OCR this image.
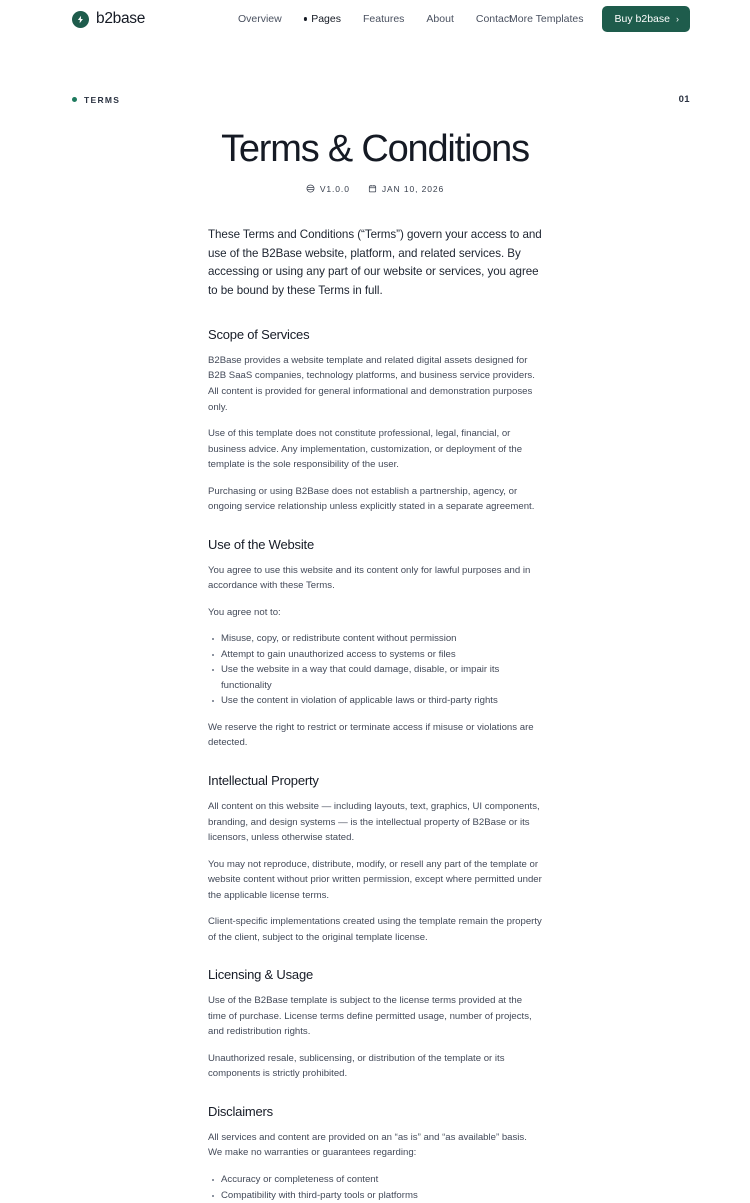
b2base	Overview	Pages Features About Contact
More Templates	Buy b2base ›
TERMS	01
Terms & Conditions
V1.0.0	JAN 10, 2026

These Terms and Conditions (“Terms”) govern your access to and use of the B2Base website, platform, and related services. By accessing or using any part of our website or services, you agree to be bound by these Terms in full.

Scope of Services

B2Base provides a website template and related digital assets designed for B2B SaaS companies, technology platforms, and business service providers. All content is provided for general informational and demonstration purposes only.

Use of this template does not constitute professional, legal, financial, or business advice. Any implementation, customization, or deployment of the template is the sole responsibility of the user.

Purchasing or using B2Base does not establish a partnership, agency, or ongoing service relationship unless explicitly stated in a separate agreement.

Use of the Website

You agree to use this website and its content only for lawful purposes and in accordance with these Terms.

You agree not to:

Misuse, copy, or redistribute content without permission
Attempt to gain unauthorized access to systems or files
Use the website in a way that could damage, disable, or impair its functionality
Use the content in violation of applicable laws or third-party rights

We reserve the right to restrict or terminate access if misuse or violations are detected.

Intellectual Property

All content on this website — including layouts, text, graphics, UI components, branding, and design systems — is the intellectual property of B2Base or its licensors, unless otherwise stated.

You may not reproduce, distribute, modify, or resell any part of the template or website content without prior written permission, except where permitted under the applicable license terms.

Client-specific implementations created using the template remain the property of the client, subject to the original template license.

Licensing & Usage

Use of the B2Base template is subject to the license terms provided at the time of purchase. License terms define permitted usage, number of projects, and redistribution rights.

Unauthorized resale, sublicensing, or distribution of the template or its components is strictly prohibited.

Disclaimers

All services and content are provided on an “as is” and “as available” basis. We make no warranties or guarantees regarding:

Accuracy or completeness of content
Compatibility with third-party tools or platforms
